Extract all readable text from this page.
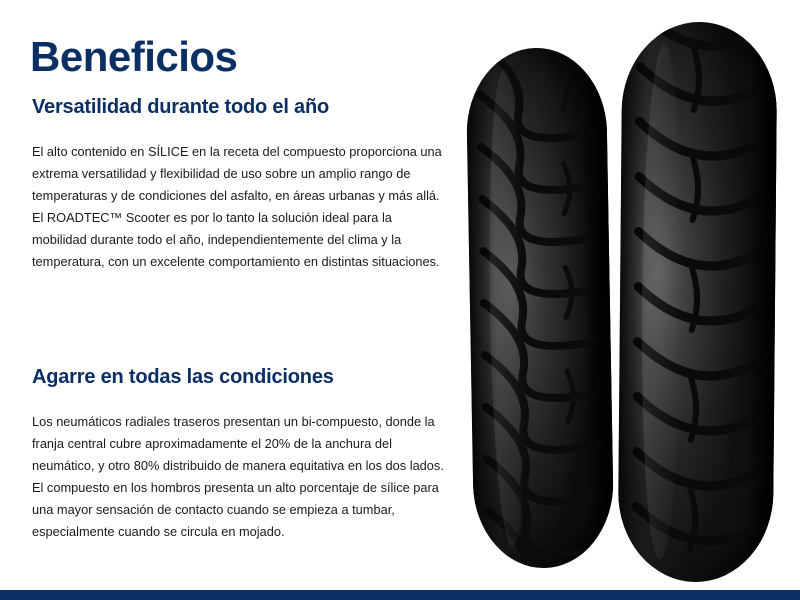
Beneficios
Versatilidad durante todo el año

El alto contenido en SÍLICE en la receta del compuesto proporciona una extrema versatilidad y flexibilidad de uso sobre un amplio rango de temperaturas y de condiciones del asfalto, en áreas urbanas y más allá.

El ROADTEC™ Scooter es por lo tanto la solución ideal para la mobilidad durante todo el año, independientemente del clima y la temperatura, con un excelente comportamiento en distintas situaciones.

Agarre en todas las condiciones

Los neumáticos radiales traseros presentan un bi-compuesto, donde la franja central cubre aproximadamente el 20% de la anchura del neumático, y otro 80% distribuido de manera equitativa en los dos lados.

El compuesto en los hombros presenta un alto porcentaje de sílice para una mayor sensación de contacto cuando se empieza a tumbar, especialmente cuando se circula en mojado.
